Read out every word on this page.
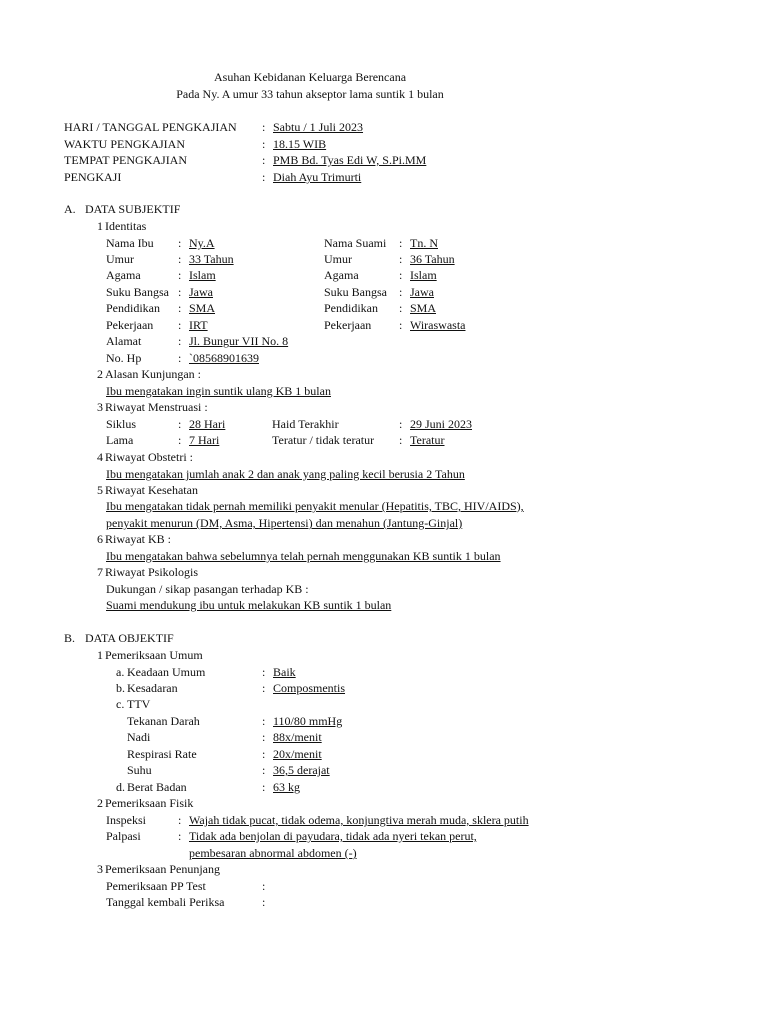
Asuhan Kebidanan Keluarga Berencana
Pada Ny. A umur 33 tahun akseptor lama suntik 1 bulan
HARI / TANGGAL PENGKAJIAN : Sabtu / 1 Juli 2023
WAKTU PENGKAJIAN	: 18.15 WIB
TEMPAT PENGKAJIAN	: PMB Bd. Tyas Edi W, S.Pi.MM
PENGKAJI	: Diah Ayu Trimurti
A. DATA SUBJEKTIF
1 Identitas
Nama Ibu : Ny.A	Nama Suami : Tn. N
Umur	: 33 Tahun	Umur	: 36 Tahun
Agama	: Islam	Agama	: Islam
Suku Bangsa : Jawa	Suku Bangsa : Jawa
Pendidikan : SMA	Pendidikan : SMA
Pekerjaan : IRT	Pekerjaan : Wiraswasta
Alamat	: Jl. Bungur VII No. 8
No. Hp	: `08568901639
2 Alasan Kunjungan :
Ibu mengatakan ingin suntik ulang KB 1 bulan
3 Riwayat Menstruasi :
Siklus	: 28 Hari	Haid Terakhir	: 29 Juni 2023
Lama	: 7 Hari	Teratur / tidak teratur : Teratur
4 Riwayat Obstetri :
Ibu mengatakan jumlah anak 2 dan anak yang paling kecil berusia 2 Tahun
5 Riwayat Kesehatan
Ibu mengatakan tidak pernah memiliki penyakit menular (Hepatitis, TBC, HIV/AIDS),
penyakit menurun (DM, Asma, Hipertensi) dan menahun (Jantung-Ginjal)
6 Riwayat KB :
Ibu mengatakan bahwa sebelumnya telah pernah menggunakan KB suntik 1 bulan
7 Riwayat Psikologis
Dukungan / sikap pasangan terhadap KB :
Suami mendukung ibu untuk melakukan KB suntik 1 bulan
B. DATA OBJEKTIF
1 Pemeriksaan Umum
a. Keadaan Umum	: Baik
b. Kesadaran	: Composmentis
c. TTV
Tekanan Darah	: 110/80 mmHg
Nadi	: 88x/menit
Respirasi Rate	: 20x/menit
Suhu	: 36,5 derajat
d. Berat Badan	: 63 kg
2 Pemeriksaan Fisik
Inspeksi	: Wajah tidak pucat, tidak odema, konjungtiva merah muda, sklera putih
Palpasi	: Tidak ada benjolan di payudara, tidak ada nyeri tekan perut,
pembesaran abnormal abdomen (-)
3 Pemeriksaan Penunjang
Pemeriksaan PP Test	:
Tanggal kembali Periksa	:
